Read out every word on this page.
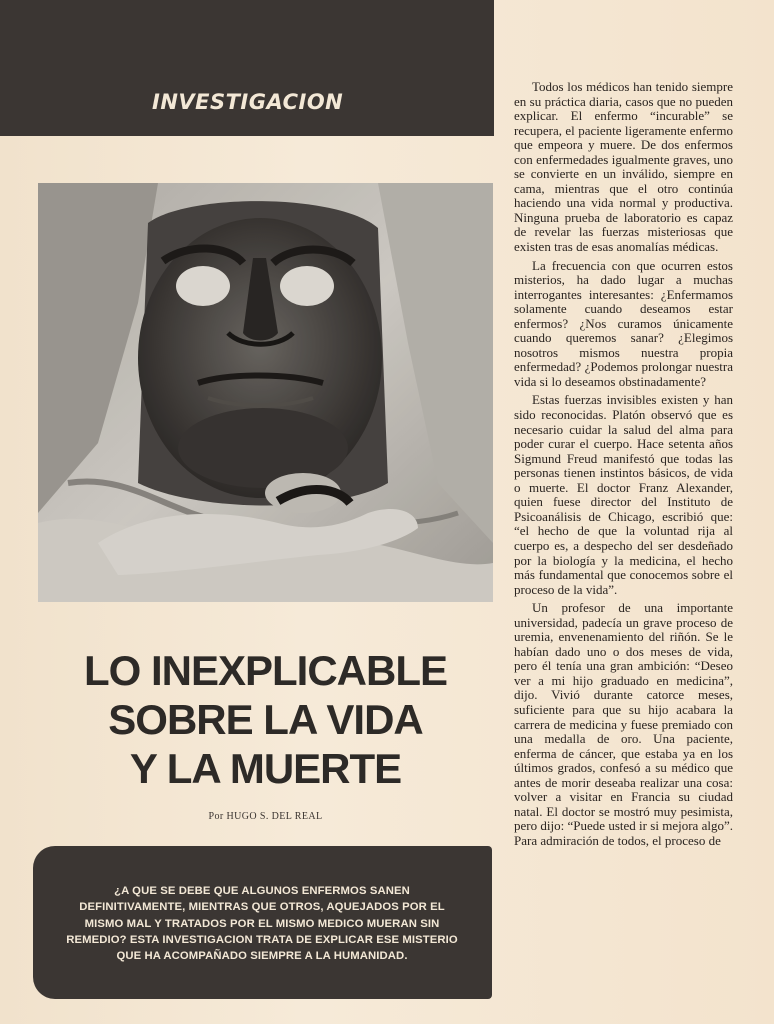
INVESTIGACION
LO INEXPLICABLE
SOBRE LA VIDA
Y LA MUERTE
Por HUGO S. DEL REAL
¿A QUE SE DEBE QUE ALGUNOS ENFERMOS SANEN DEFINITIVAMENTE, MIENTRAS QUE OTROS, AQUEJADOS POR EL MISMO MAL Y TRATADOS POR EL MISMO MEDICO MUERAN SIN REMEDIO? ESTA INVESTIGACION TRATA DE EXPLICAR ESE MISTERIO QUE HA ACOMPAÑADO SIEMPRE A LA HUMANIDAD.

Todos los médicos han tenido siempre en su práctica diaria, casos que no pueden explicar. El enfermo “incurable” se recupera, el paciente ligeramente enfermo que empeora y muere. De dos enfermos con enfermedades igualmente graves, uno se convierte en un inválido, siempre en cama, mientras que el otro continúa haciendo una vida normal y productiva. Ninguna prueba de laboratorio es capaz de revelar las fuerzas misteriosas que existen tras de esas anomalías médicas.

La frecuencia con que ocurren estos misterios, ha dado lugar a muchas interrogantes interesantes: ¿Enfermamos solamente cuando deseamos estar enfermos? ¿Nos curamos únicamente cuando queremos sanar? ¿Elegimos nosotros mismos nuestra propia enfermedad? ¿Podemos prolongar nuestra vida si lo deseamos obstinadamente?

Estas fuerzas invisibles existen y han sido reconocidas. Platón observó que es necesario cuidar la salud del alma para poder curar el cuerpo. Hace setenta años Sigmund Freud manifestó que todas las personas tienen instintos básicos, de vida o muerte. El doctor Franz Alexander, quien fuese director del Instituto de Psicoanálisis de Chicago, escribió que: “el hecho de que la voluntad rija al cuerpo es, a despecho del ser desdeñado por la biología y la medicina, el hecho más fundamental que conocemos sobre el proceso de la vida”.

Un profesor de una importante universidad, padecía un grave proceso de uremia, envenenamiento del riñón. Se le habían dado uno o dos meses de vida, pero él tenía una gran ambición: “Deseo ver a mi hijo graduado en medicina”, dijo. Vivió durante catorce meses, suficiente para que su hijo acabara la carrera de medicina y fuese premiado con una medalla de oro. Una paciente, enferma de cáncer, que estaba ya en los últimos grados, confesó a su médico que antes de morir deseaba realizar una cosa: volver a visitar en Francia su ciudad natal. El doctor se mostró muy pesimista, pero dijo: “Puede usted ir si mejora algo”. Para admiración de todos, el proceso de
